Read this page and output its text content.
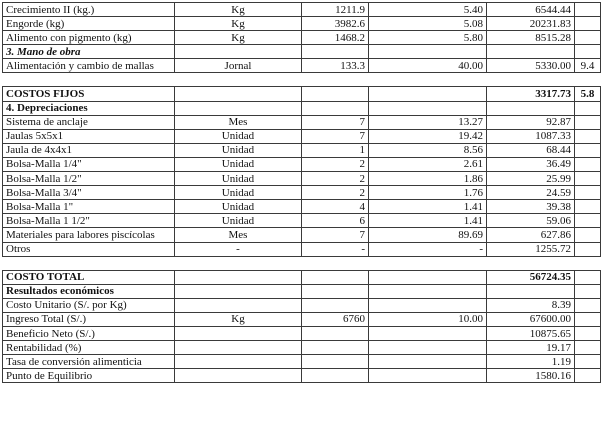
Crecimiento II (kg.)	Kg	1211.9	5.40	6544.44	
Engorde (kg)	Kg	3982.6	5.08	20231.83	
Alimento con pigmento (kg)	Kg	1468.2	5.80	8515.28	
3. Mano de obra					
Alimentación y cambio de mallas	Jornal	133.3	40.00	5330.00	9.4

COSTOS FIJOS				3317.73	5.8
4. Depreciaciones					
Sistema de anclaje	Mes	7	13.27	92.87	
Jaulas 5x5x1	Unidad	7	19.42	1087.33	
Jaula de 4x4x1	Unidad	1	8.56	68.44	
Bolsa-Malla 1/4"	Unidad	2	2.61	36.49	
Bolsa-Malla 1/2"	Unidad	2	1.86	25.99	
Bolsa-Malla 3/4"	Unidad	2	1.76	24.59	
Bolsa-Malla 1"	Unidad	4	1.41	39.38	
Bolsa-Malla 1 1/2"	Unidad	6	1.41	59.06	
Materiales para labores piscícolas	Mes	7	89.69	627.86	
Otros	-	-	-	1255.72	

COSTO TOTAL				56724.35	
Resultados económicos					
Costo Unitario (S/. por Kg)				8.39	
Ingreso Total (S/.)	Kg	6760	10.00	67600.00	
Beneficio Neto (S/.)				10875.65	
Rentabilidad (%)				19.17	
Tasa de conversión alimenticia				1.19	
Punto de Equilibrio				1580.16	
